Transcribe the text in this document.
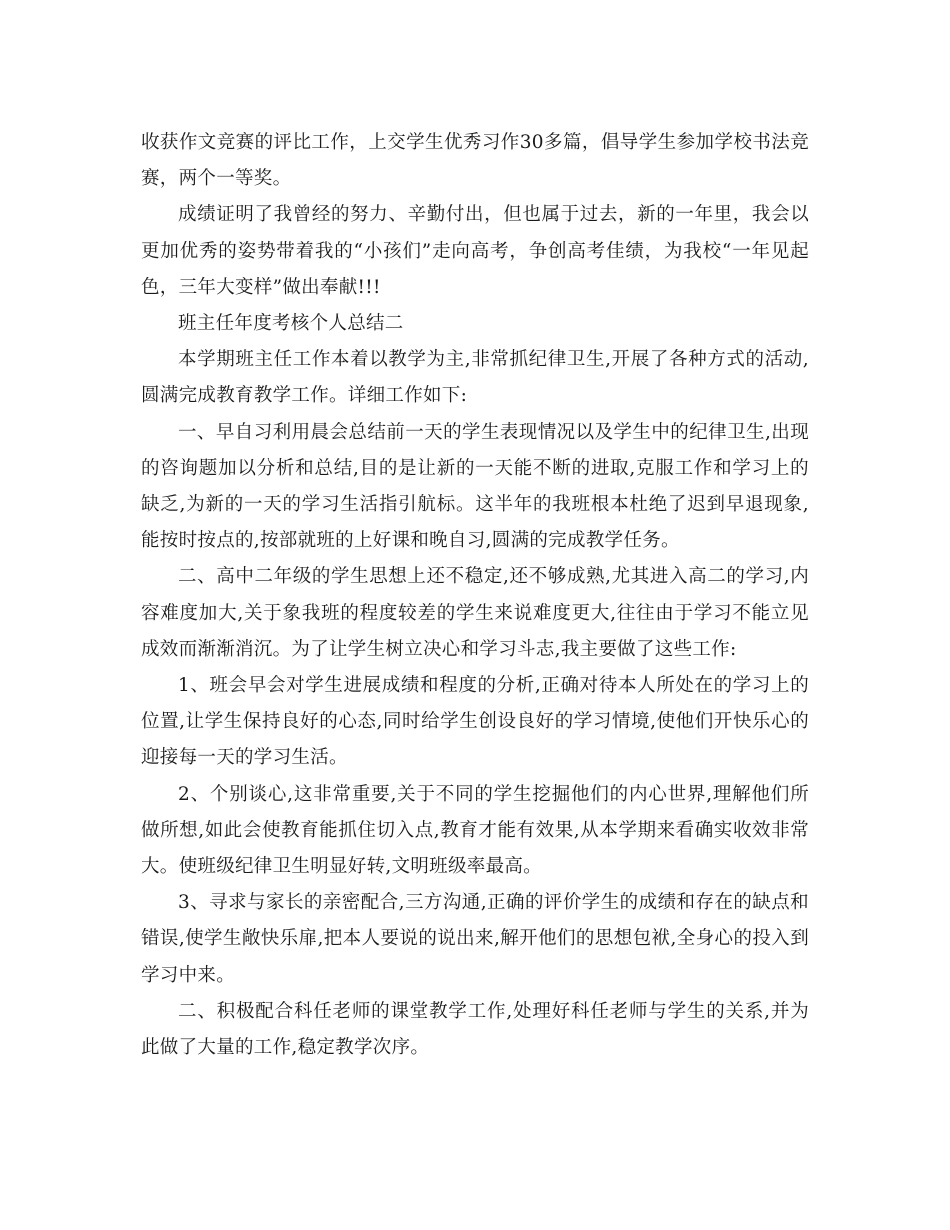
收获作文竞赛的评比工作，上交学生优秀习作30多篇，倡导学生参加学校书法竞赛，两个一等奖。

成绩证明了我曾经的努力、辛勤付出，但也属于过去，新的一年里，我会以更加优秀的姿势带着我的“小孩们”走向高考，争创高考佳绩，为我校“一年见起色，三年大变样”做出奉献!!!

班主任年度考核个人总结二

本学期班主任工作本着以教学为主,非常抓纪律卫生,开展了各种方式的活动,圆满完成教育教学工作。详细工作如下:

一、早自习利用晨会总结前一天的学生表现情况以及学生中的纪律卫生,出现的咨询题加以分析和总结,目的是让新的一天能不断的进取,克服工作和学习上的缺乏,为新的一天的学习生活指引航标。这半年的我班根本杜绝了迟到早退现象,能按时按点的,按部就班的上好课和晚自习,圆满的完成教学任务。

二、高中二年级的学生思想上还不稳定,还不够成熟,尤其进入高二的学习,内容难度加大,关于象我班的程度较差的学生来说难度更大,往往由于学习不能立见成效而渐渐消沉。为了让学生树立决心和学习斗志,我主要做了这些工作:

1、班会早会对学生进展成绩和程度的分析,正确对待本人所处在的学习上的位置,让学生保持良好的心态,同时给学生创设良好的学习情境,使他们开快乐心的迎接每一天的学习生活。

2、个别谈心,这非常重要,关于不同的学生挖掘他们的内心世界,理解他们所做所想,如此会使教育能抓住切入点,教育才能有效果,从本学期来看确实收效非常大。使班级纪律卫生明显好转,文明班级率最高。

3、寻求与家长的亲密配合,三方沟通,正确的评价学生的成绩和存在的缺点和错误,使学生敞快乐扉,把本人要说的说出来,解开他们的思想包袱,全身心的投入到学习中来。

二、积极配合科任老师的课堂教学工作,处理好科任老师与学生的关系,并为此做了大量的工作,稳定教学次序。
